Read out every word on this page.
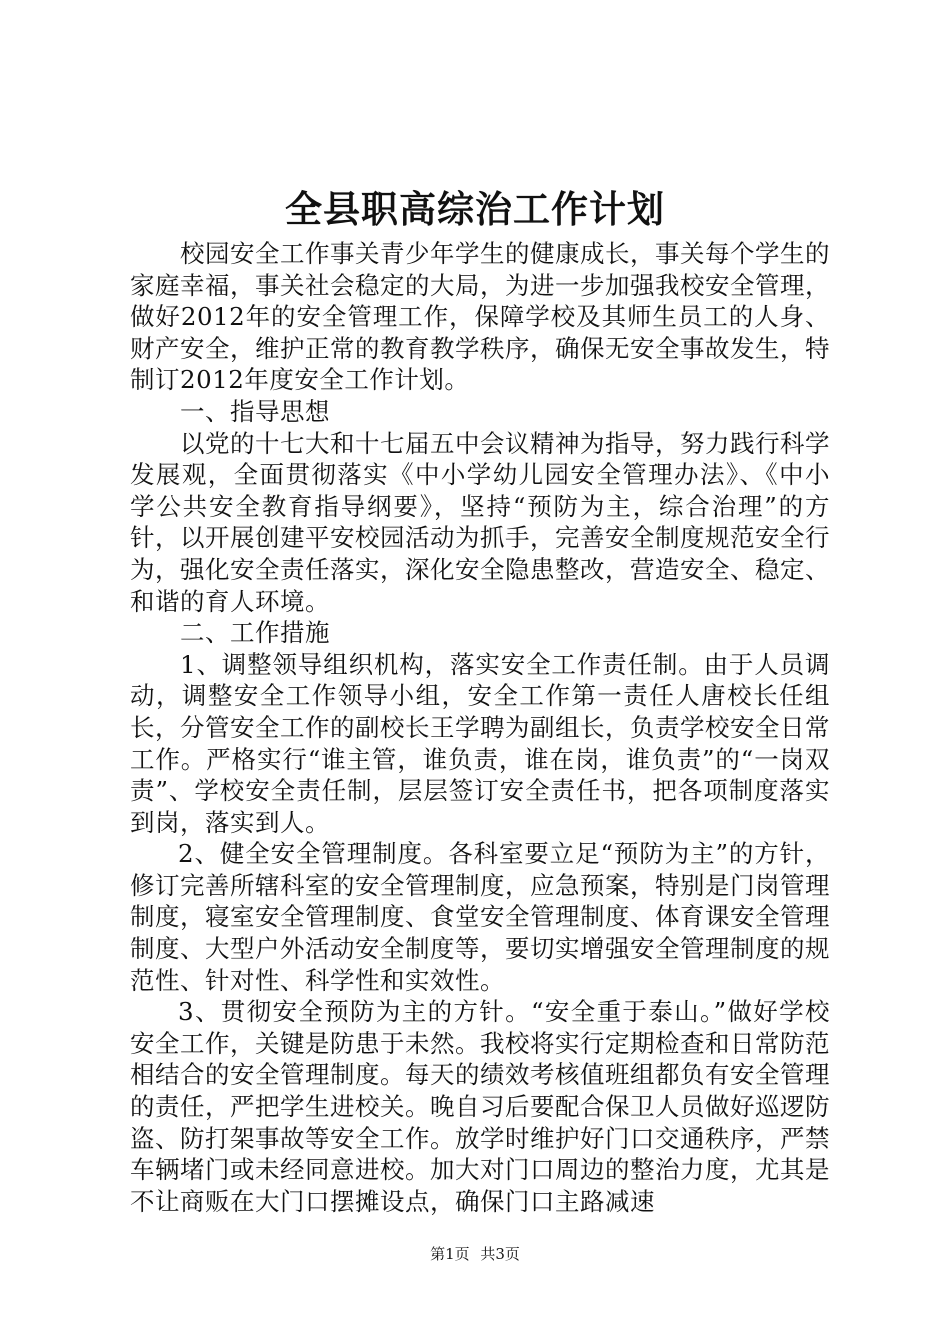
全县职高综治工作计划

校园安全工作事关青少年学生的健康成长，事关每个学生的家庭幸福，事关社会稳定的大局，为进一步加强我校安全管理，做好2012年的安全管理工作，保障学校及其师生员工的人身、财产安全，维护正常的教育教学秩序，确保无安全事故发生，特制订2012年度安全工作计划。

一、指导思想

以党的十七大和十七届五中会议精神为指导，努力践行科学发展观，全面贯彻落实《中小学幼儿园安全管理办法》、《中小学公共安全教育指导纲要》，坚持“预防为主，综合治理”的方针，以开展创建平安校园活动为抓手，完善安全制度规范安全行为，强化安全责任落实，深化安全隐患整改，营造安全、稳定、和谐的育人环境。

二、工作措施

1、调整领导组织机构，落实安全工作责任制。由于人员调动，调整安全工作领导小组，安全工作第一责任人唐校长任组长，分管安全工作的副校长王学聘为副组长，负责学校安全日常工作。严格实行“谁主管，谁负责，谁在岗，谁负责”的“一岗双责”、学校安全责任制，层层签订安全责任书，把各项制度落实到岗，落实到人。

2、健全安全管理制度。各科室要立足“预防为主”的方针，修订完善所辖科室的安全管理制度，应急预案，特别是门岗管理制度，寝室安全管理制度、食堂安全管理制度、体育课安全管理制度、大型户外活动安全制度等，要切实增强安全管理制度的规范性、针对性、科学性和实效性。

3、贯彻安全预防为主的方针。“安全重于泰山。”做好学校安全工作，关键是防患于未然。我校将实行定期检查和日常防范相结合的安全管理制度。每天的绩效考核值班组都负有安全管理的责任，严把学生进校关。晚自习后要配合保卫人员做好巡逻防盗、防打架事故等安全工作。放学时维护好门口交通秩序，严禁车辆堵门或未经同意进校。加大对门口周边的整治力度，尤其是不让商贩在大门口摆摊设点，确保门口主路减速

第1页 共3页
